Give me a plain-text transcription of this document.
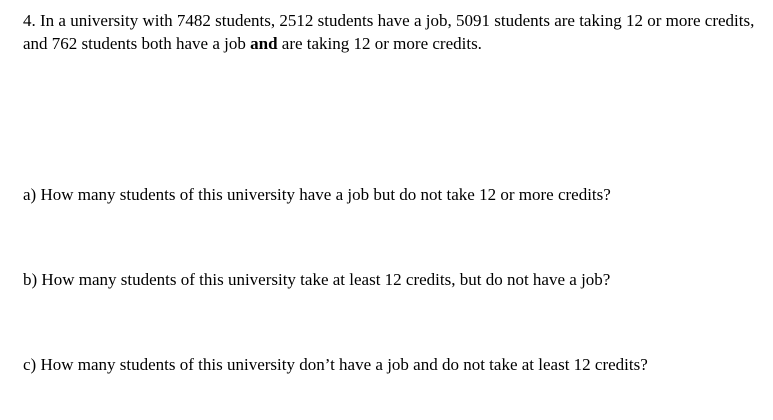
4. In a university with 7482 students, 2512 students have a job, 5091 students are taking 12 or more credits, and 762 students both have a job and are taking 12 or more credits.

a) How many students of this university have a job but do not take 12 or more credits?

b) How many students of this university take at least 12 credits, but do not have a job?

c) How many students of this university don’t have a job and do not take at least 12 credits?
